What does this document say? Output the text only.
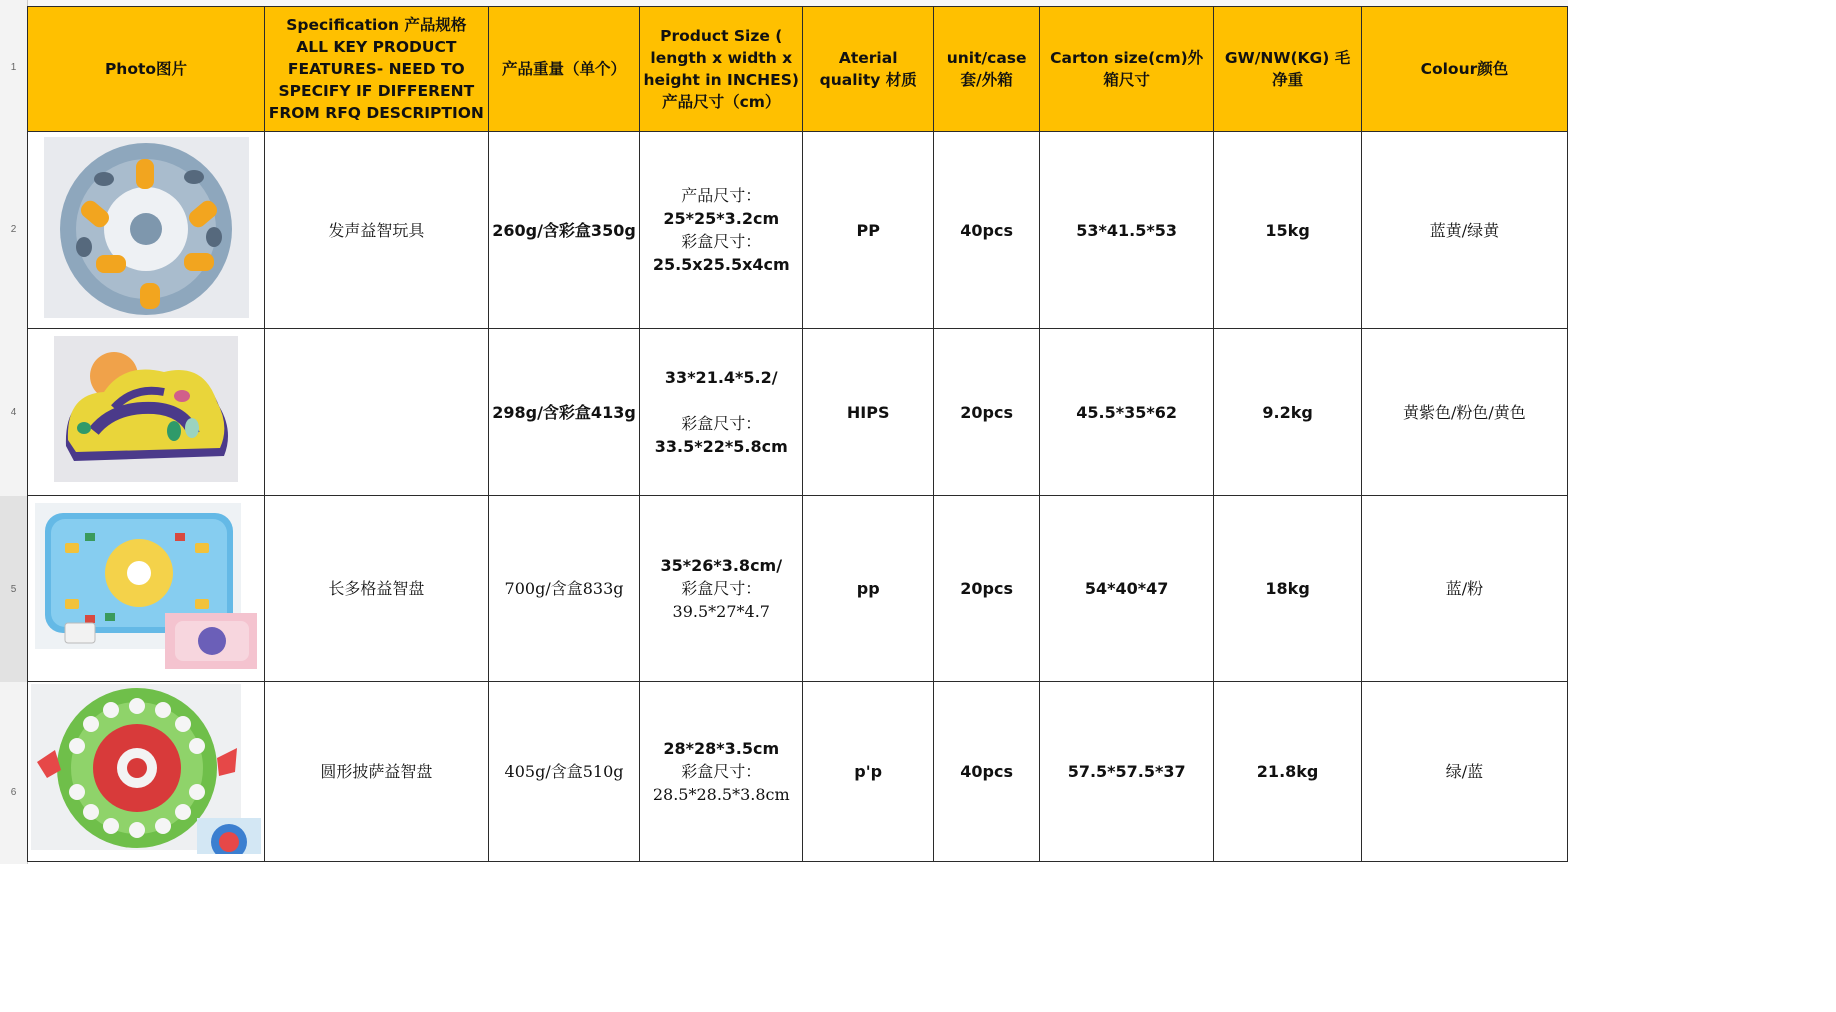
1
2
4
5
6
Photo图片	Specification 产品规格 ALL KEY PRODUCT FEATURES- NEED TO SPECIFY IF DIFFERENT FROM RFQ DESCRIPTION	产品重量（单个）	Product Size ( length x width x height in INCHES) 产品尺寸（cm）	Aterial quality 材质	unit/case 套/外箱	Carton size(cm)外箱尺寸	GW/NW(KG) 毛净重	Colour颜色
	发声益智玩具	260g/含彩盒350g	产品尺寸：
25*25*3.2cm
彩盒尺寸：
25.5x25.5x4cm	PP	40pcs	53*41.5*53	15kg	蓝黄/绿黄
		298g/含彩盒413g	33*21.4*5.2/
彩盒尺寸：
33.5*22*5.8cm	HIPS	20pcs	45.5*35*62	9.2kg	黄紫色/粉色/黄色
	长多格益智盘	700g/含盒833g	35*26*3.8cm/
彩盒尺寸：
39.5*27*4.7	pp	20pcs	54*40*47	18kg	蓝/粉
	圆形披萨益智盘	405g/含盒510g	28*28*3.5cm
彩盒尺寸：
28.5*28.5*3.8cm	p'p	40pcs	57.5*57.5*37	21.8kg	绿/蓝
